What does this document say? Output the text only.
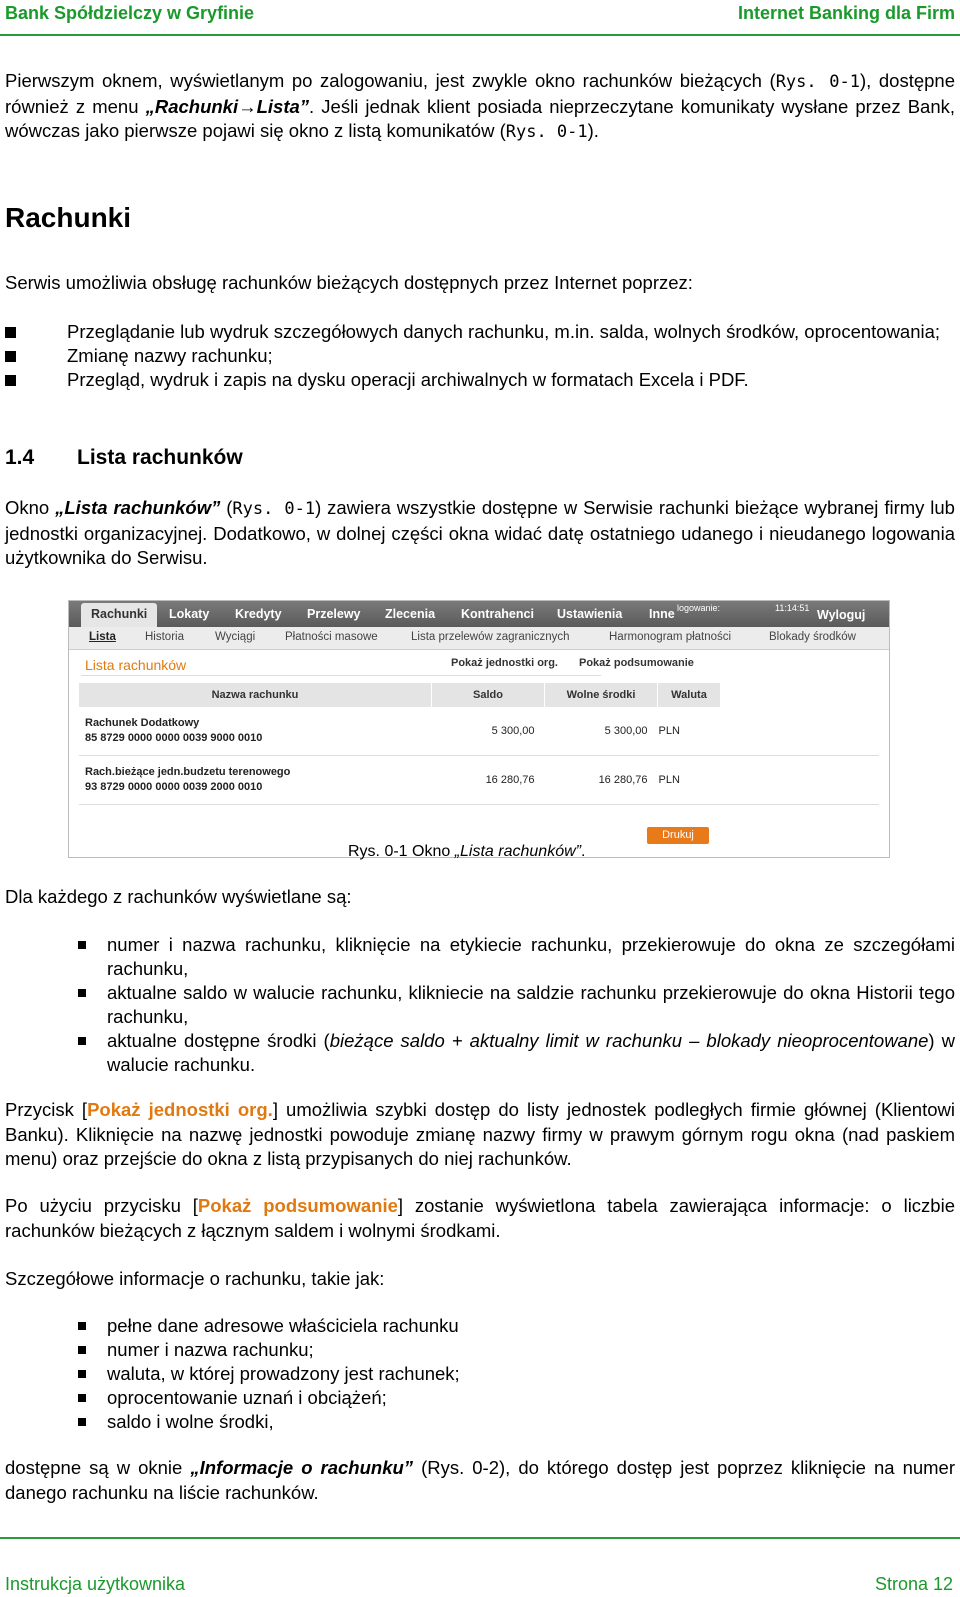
Bank Spółdzielczy w Gryfinie	Internet Banking dla Firm
Pierwszym oknem, wyświetlanym po zalogowaniu, jest zwykle okno rachunków bieżących (Rys. 0-1), dostępne również z menu „Rachunki→Lista”. Jeśli jednak klient posiada nieprzeczytane komunikaty wysłane przez Bank, wówczas jako pierwsze pojawi się okno z listą komunikatów (Rys. 0-1).
Rachunki
Serwis umożliwia obsługę rachunków bieżących dostępnych przez Internet poprzez:
Przeglądanie lub wydruk szczegółowych danych rachunku, m.in. salda, wolnych środków, oprocentowania;
Zmianę nazwy rachunku;
Przegląd, wydruk i zapis na dysku operacji archiwalnych w formatach Excela i PDF.
1.4 Lista rachunków
Okno „Lista rachunków” (Rys. 0-1) zawiera wszystkie dostępne w Serwisie rachunki bieżące wybranej firmy lub jednostki organizacyjnej. Dodatkowo, w dolnej części okna widać datę ostatniego udanego i nieudanego logowania użytkownika do Serwisu.
Rachunki	Lokaty Kredyty Przelewy Zlecenia Kontrahenci Ustawienia Inne logowanie:	11:14:51 Wyloguj
Lista	Historia	Wyciągi	Płatności masowe	Lista przelewów zagranicznych	Harmonogram płatności	Blokady środków
Lista rachunków	Pokaż jednostki org. Pokaż podsumowanie
Nazwa rachunku	Saldo	Wolne środki	Waluta	
Rachunek Dodatkowy
85 8729 0000 0000 0039 9000 0010	5 300,00	5 300,00	PLN	
Rach.bieżące jedn.budzetu terenowego
93 8729 0000 0000 0039 2000 0010	16 280,76	16 280,76	PLN	
Drukuj
Rys. 0-1 Okno „Lista rachunków”.
Dla każdego z rachunków wyświetlane są:
numer i nazwa rachunku, kliknięcie na etykiecie rachunku, przekierowuje do okna ze szczegółami rachunku,
aktualne saldo w walucie rachunku, klikniecie na saldzie rachunku przekierowuje do okna Historii tego rachunku,
aktualne dostępne środki (bieżące saldo + aktualny limit w rachunku – blokady nieoprocentowane) w walucie rachunku.
Przycisk [Pokaż jednostki org.] umożliwia szybki dostęp do listy jednostek podległych firmie głównej (Klientowi Banku). Kliknięcie na nazwę jednostki powoduje zmianę nazwy firmy w prawym górnym rogu okna (nad paskiem menu) oraz przejście do okna z listą przypisanych do niej rachunków.
Po użyciu przycisku [Pokaż podsumowanie] zostanie wyświetlona tabela zawierająca informacje: o liczbie rachunków bieżących z łącznym saldem i wolnymi środkami.
Szczegółowe informacje o rachunku, takie jak:
pełne dane adresowe właściciela rachunku
numer i nazwa rachunku;
waluta, w której prowadzony jest rachunek;
oprocentowanie uznań i obciążeń;
saldo i wolne środki,
dostępne są w oknie „Informacje o rachunku” (Rys. 0-2), do którego dostęp jest poprzez kliknięcie na numer danego rachunku na liście rachunków.
Instrukcja użytkownika	Strona 12
